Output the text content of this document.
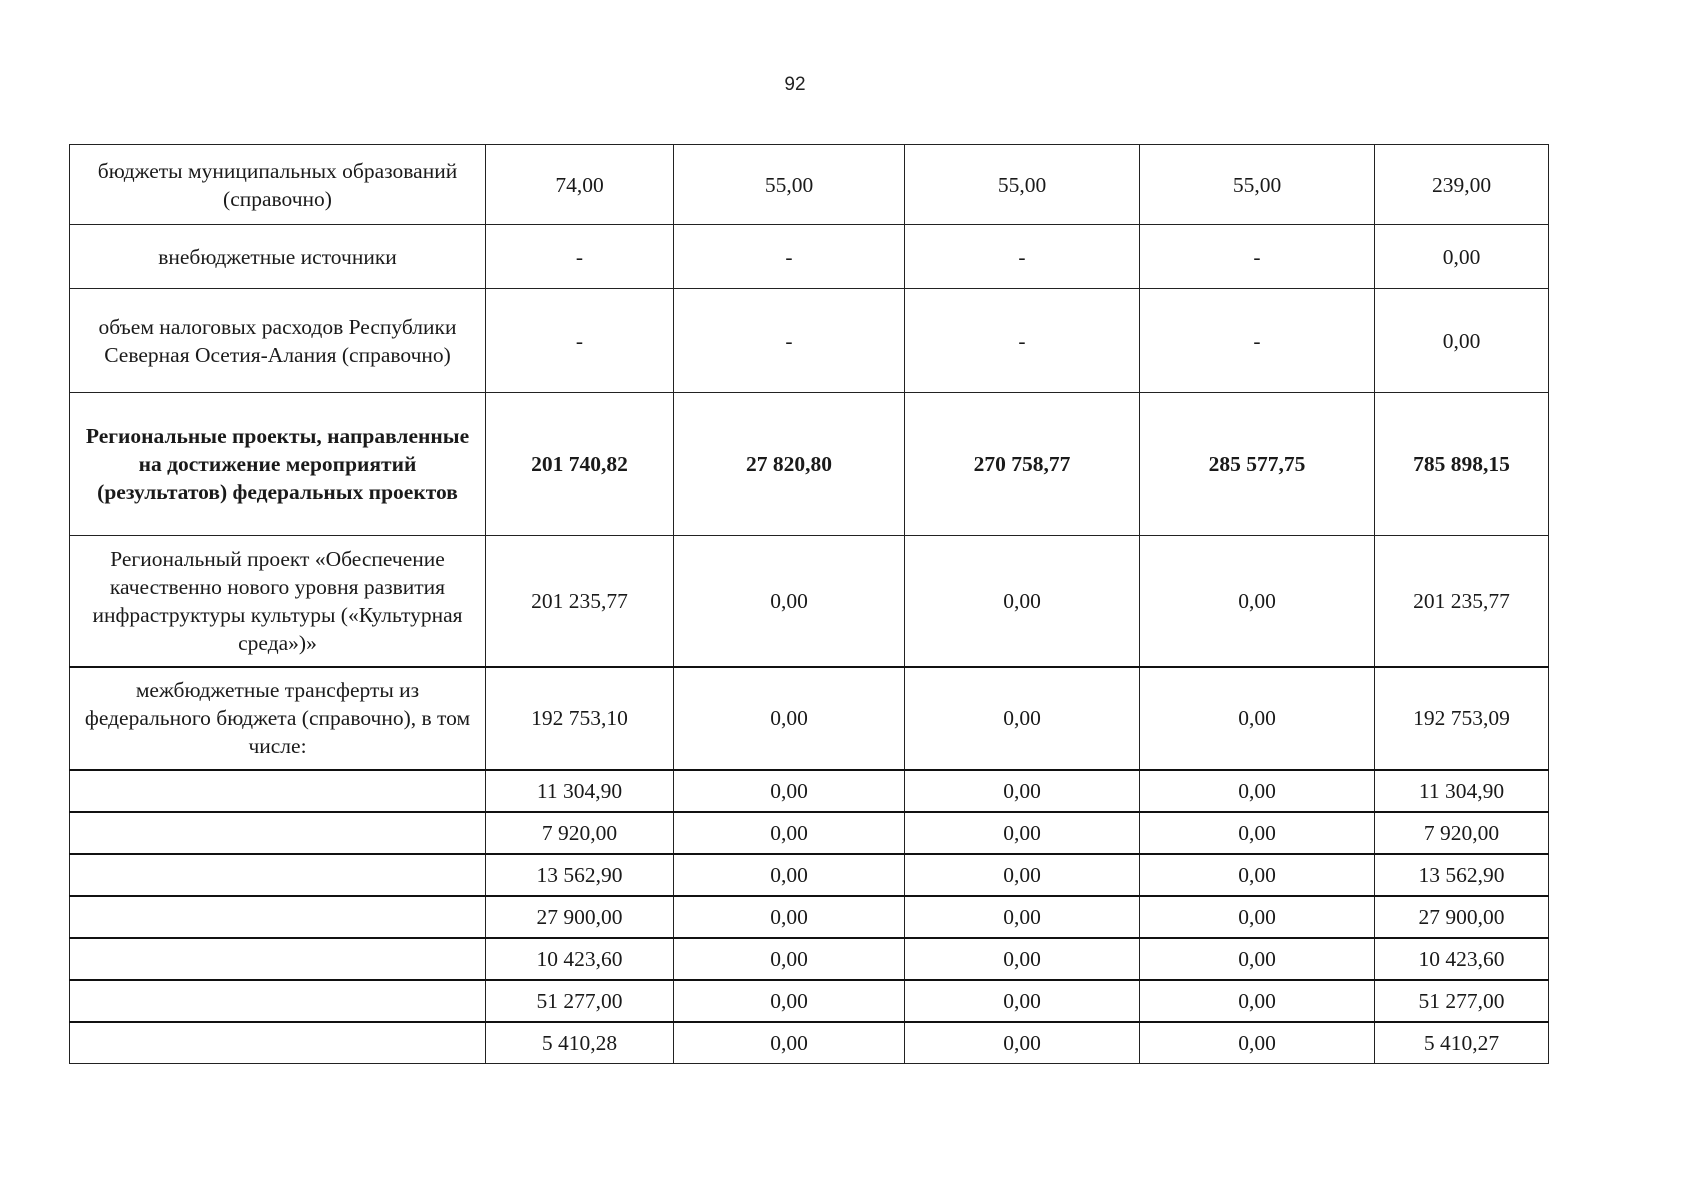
92
бюджеты муниципальных образований (справочно)	74,00	55,00	55,00	55,00	239,00
внебюджетные источники	-	-	-	-	0,00
объем налоговых расходов Республики Северная Осетия-Алания (справочно)	-	-	-	-	0,00
Региональные проекты, направленные на достижение мероприятий (результатов) федеральных проектов	201 740,82	27 820,80	270 758,77	285 577,75	785 898,15
Региональный проект «Обеспечение качественно нового уровня развития инфраструктуры культуры («Культурная среда»)»	201 235,77	0,00	0,00	0,00	201 235,77
межбюджетные трансферты из федерального бюджета (справочно), в том числе:	192 753,10	0,00	0,00	0,00	192 753,09
	11 304,90	0,00	0,00	0,00	11 304,90
	7 920,00	0,00	0,00	0,00	7 920,00
	13 562,90	0,00	0,00	0,00	13 562,90
	27 900,00	0,00	0,00	0,00	27 900,00
	10 423,60	0,00	0,00	0,00	10 423,60
	51 277,00	0,00	0,00	0,00	51 277,00
	5 410,28	0,00	0,00	0,00	5 410,27
